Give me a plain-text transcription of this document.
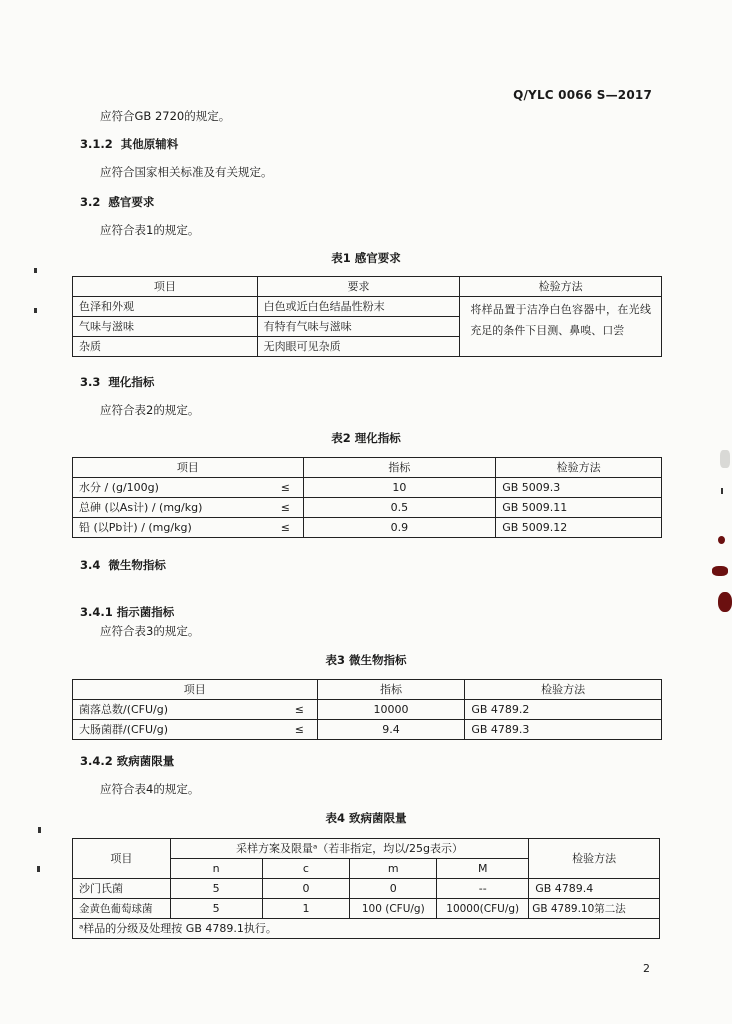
Q/YLC 0066 S—2017
应符合GB 2720的规定。
3.1.2 其他原辅料
应符合国家相关标准及有关规定。
3.2 感官要求
应符合表1的规定。
表1 感官要求
项目	要求	检验方法
色泽和外观	白色或近白色结晶性粉末	将样品置于洁净白色容器中，在光线充足的条件下目测、鼻嗅、口尝
气味与滋味	有特有气味与滋味	
杂质	无肉眼可见杂质	
3.3 理化指标
应符合表2的规定。
表2 理化指标
项目		指标	检验方法
水分 / (g/100g)	≤	10	GB 5009.3
总砷 (以As计) / (mg/kg)	≤	0.5	GB 5009.11
铅 (以Pb计) / (mg/kg)	≤	0.9	GB 5009.12
3.4 微生物指标
3.4.1 指示菌指标
应符合表3的规定。
表3 微生物指标
项目		指标	检验方法
菌落总数/(CFU/g)	≤	10000	GB 4789.2
大肠菌群/(CFU/g)	≤	9.4	GB 4789.3
3.4.2 致病菌限量
应符合表4的规定。
表4 致病菌限量
项目	采样方案及限量ᵃ（若非指定，均以/25g表示）				检验方法
	n	c	m	M	
沙门氏菌	5	0	0	--	GB 4789.4
金黄色葡萄球菌	5	1	100 (CFU/g)	10000(CFU/g)	GB 4789.10第二法
ᵃ样品的分级及处理按 GB 4789.1执行。					
2
